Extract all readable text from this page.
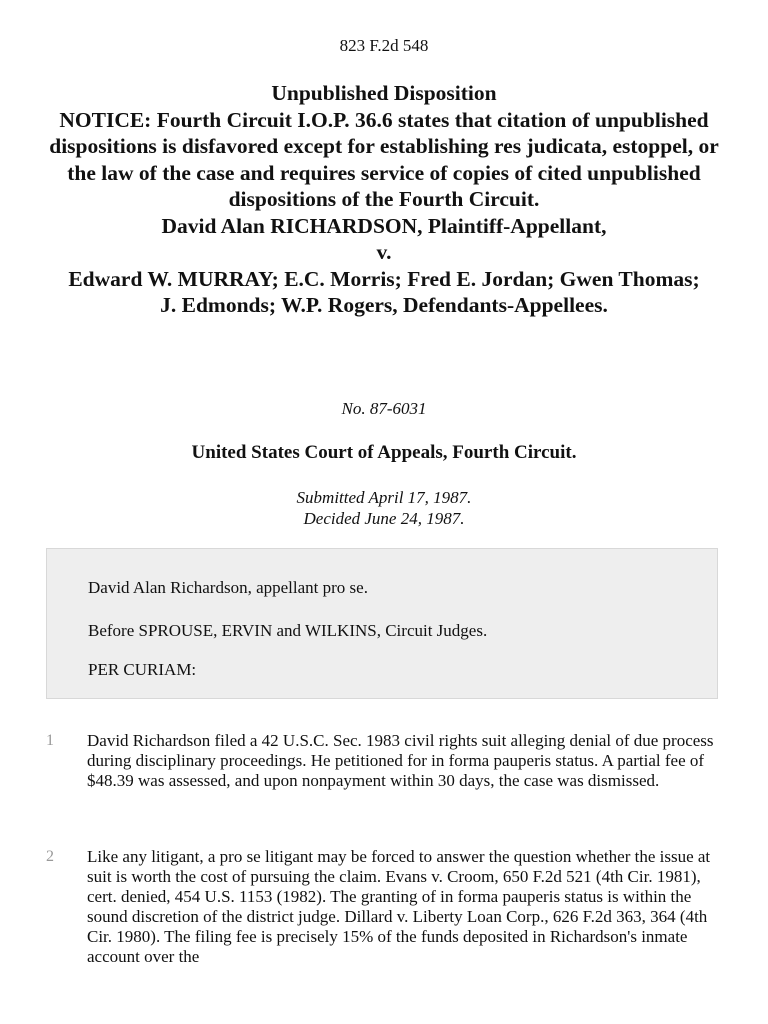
823 F.2d 548
Unpublished Disposition
NOTICE: Fourth Circuit I.O.P. 36.6 states that citation of unpublished dispositions is disfavored except for establishing res judicata, estoppel, or the law of the case and requires service of copies of cited unpublished dispositions of the Fourth Circuit.
David Alan RICHARDSON, Plaintiff-Appellant,
v.
Edward W. MURRAY; E.C. Morris; Fred E. Jordan; Gwen Thomas;
J. Edmonds; W.P. Rogers, Defendants-Appellees.
No. 87-6031
United States Court of Appeals, Fourth Circuit.
Submitted April 17, 1987.
Decided June 24, 1987.

David Alan Richardson, appellant pro se.

Before SPROUSE, ERVIN and WILKINS, Circuit Judges.

PER CURIAM:

1 David Richardson filed a 42 U.S.C. Sec. 1983 civil rights suit alleging denial of due process during disciplinary proceedings. He petitioned for in forma pauperis status. A partial fee of $48.39 was assessed, and upon nonpayment within 30 days, the case was dismissed.

2 Like any litigant, a pro se litigant may be forced to answer the question whether the issue at suit is worth the cost of pursuing the claim. Evans v. Croom, 650 F.2d 521 (4th Cir. 1981), cert. denied, 454 U.S. 1153 (1982). The granting of in forma pauperis status is within the sound discretion of the district judge. Dillard v. Liberty Loan Corp., 626 F.2d 363, 364 (4th Cir. 1980). The filing fee is precisely 15% of the funds deposited in Richardson's inmate account over the
